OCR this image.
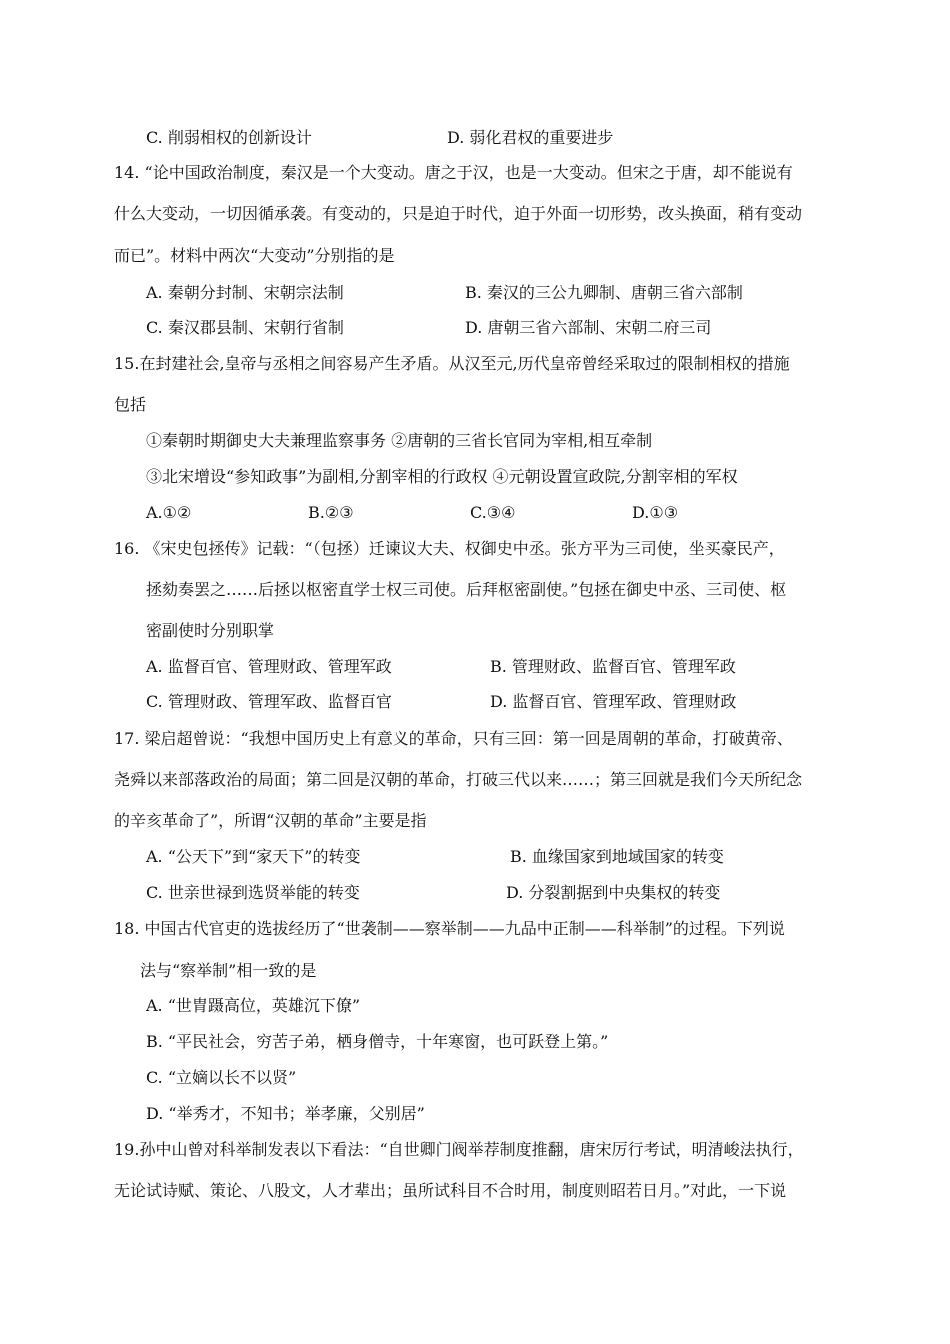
C. 削弱相权的创新设计	D. 弱化君权的重要进步
14. “论中国政治制度，秦汉是一个大变动。唐之于汉，也是一大变动。但宋之于唐，却不能说有
什么大变动，一切因循承袭。有变动的，只是迫于时代，迫于外面一切形势，改头换面，稍有变动
而已”。材料中两次“大变动”分别指的是
A. 秦朝分封制、宋朝宗法制	B. 秦汉的三公九卿制、唐朝三省六部制
C. 秦汉郡县制、宋朝行省制	D. 唐朝三省六部制、宋朝二府三司
15.在封建社会,皇帝与丞相之间容易产生矛盾。从汉至元,历代皇帝曾经采取过的限制相权的措施
包括
①秦朝时期御史大夫兼理监察事务 ②唐朝的三省长官同为宰相,相互牵制
③北宋增设“参知政事”为副相,分割宰相的行政权 ④元朝设置宣政院,分割宰相的军权
A.①②	B.②③	C.③④	D.①③
16. 《宋史包拯传》记载：“（包拯）迁谏议大夫、权御史中丞。张方平为三司使，坐买豪民产，
拯劾奏罢之……后拯以枢密直学士权三司使。后拜枢密副使。”包拯在御史中丞、三司使、枢
密副使时分别职掌
A. 监督百官、管理财政、管理军政	B. 管理财政、监督百官、管理军政
C. 管理财政、管理军政、监督百官	D. 监督百官、管理军政、管理财政
17. 梁启超曾说：“我想中国历史上有意义的革命，只有三回：第一回是周朝的革命，打破黄帝、
尧舜以来部落政治的局面；第二回是汉朝的革命，打破三代以来……；第三回就是我们今天所纪念
的辛亥革命了”，所谓“汉朝的革命”主要是指
A. “公天下”到“家天下”的转变	B. 血缘国家到地域国家的转变
C. 世亲世禄到选贤举能的转变	D. 分裂割据到中央集权的转变
18. 中国古代官吏的选拔经历了“世袭制——察举制——九品中正制——科举制”的过程。下列说
法与“察举制”相一致的是
A. “世胄蹑高位，英雄沉下僚”
B. “平民社会，穷苦子弟，栖身僧寺，十年寒窗，也可跃登上第。”
C. “立嫡以长不以贤”
D. “举秀才，不知书；举孝廉，父别居”
19.孙中山曾对科举制发表以下看法：“自世卿门阀举荐制度推翻，唐宋厉行考试，明清峻法执行，
无论试诗赋、策论、八股文，人才辈出；虽所试科目不合时用，制度则昭若日月。”对此，一下说
